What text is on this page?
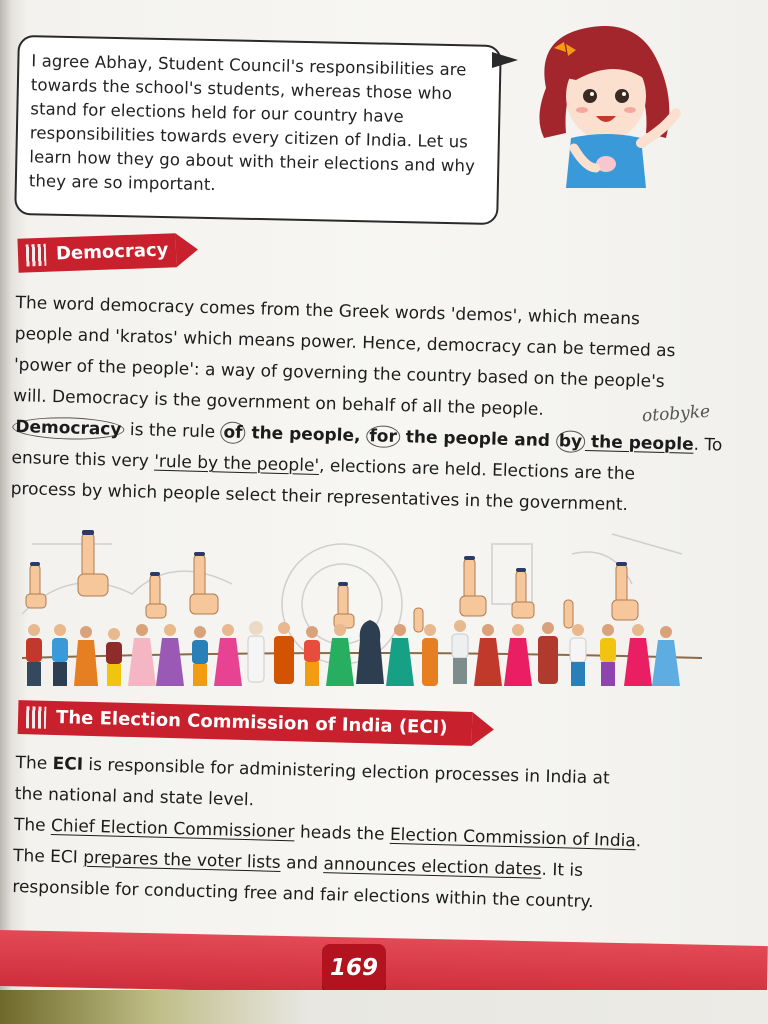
I agree Abhay, Student Council's responsibilities are
towards the school's students, whereas those who
stand for elections held for our country have
responsibilities towards every citizen of India. Let us
learn how they go about with their elections and why
they are so important.
Democracy
The word democracy comes from the Greek words 'demos', which means
people and 'kratos' which means power. Hence, democracy can be termed as
'power of the people': a way of governing the country based on the people's
will. Democracy is the government on behalf of all the people.
Democracy is the rule of the people, for the people and by the people. To
ensure this very 'rule by the people', elections are held. Elections are the
process by which people select their representatives in the government.
otobyke
The Election Commission of India (ECI)
The ECI is responsible for administering election processes in India at
the national and state level.
The Chief Election Commissioner heads the Election Commission of India.
The ECI prepares the voter lists and announces election dates. It is
responsible for conducting free and fair elections within the country.
169
